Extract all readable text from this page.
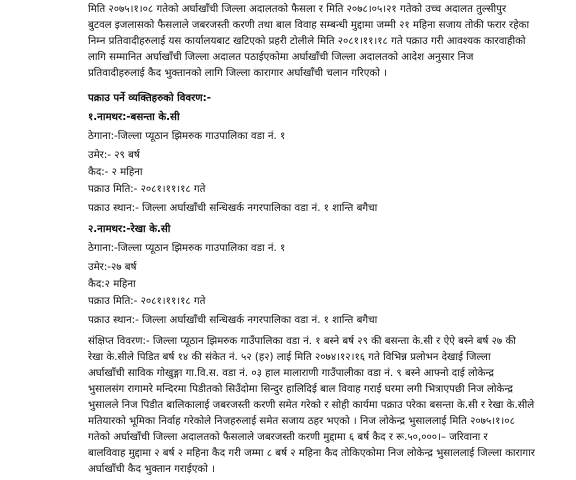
मिति २०७५।१।०८ गतेको अर्घाखाँची जिल्ला अदालतको फैसला र मिति २०७८।०५।२१ गतेको उच्च अदालत तुल्सीपुर
बुटवल इजलासको फैसलाले जबरजस्ती करणी तथा बाल विवाह सम्बन्धी मुद्दामा जम्मी २१ महिना सजाय तोकी फरार रहेका
निम्न प्रतिवादीहरुलाई यस कार्यालयबाट खटिएको प्रहरी टोलीले मिति २०८१।११।१८ गते पक्राउ गरी आवश्यक कारवाहीको
लागि सम्मानित अर्घाखाँची जिल्ला अदालत पठाईएकोमा अर्घाखाँची जिल्ला अदालतको आदेश अनुसार निज
प्रतिवादीहरुलाई कैद भुक्तानको लागि जिल्ला कारागार अर्घाखाँची चलान गरिएको ।
पक्राउ पर्ने व्यक्तिहरुको विवरण:-
१.नामथर:-बसन्ता के.सी
ठेगाना:-जिल्ला प्यूठान झिमरुक गाउपालिका वडा नं. १
उमेर:- २९ बर्ष
कैद:- २ महिना
पक्राउ मिति:- २०८१।११।१८ गते
पक्राउ स्थान:- जिल्ला अर्घाखाँची सन्धिखर्क नगरपालिका वडा नं. १ शान्ति बगैचा
२.नामथर:-रेखा के.सी
ठेगाना:-जिल्ला प्यूठान झिमरुक गाउपालिका वडा नं. १
उमेर:-२७ बर्ष
कैद:२ महिना
पक्राउ मिति:- २०८१।११।१८ गते
पक्राउ स्थान:- जिल्ला अर्घाखाँची सन्धिखर्क नगरपालिका वडा नं. १ शान्ति बगैचा
संक्षिप्त विवरण:- जिल्ला प्यूठान झिमरुक गाउँपालिका वडा नं. १ बस्ने बर्ष २९ की बसन्ता के.सी र ऐऐ बस्ने बर्ष २७ की
रेखा के.सीले पिडित बर्ष १४ की संकेत नं. ५२ (ह२) लाई मिति २०७४।१२।१६ गते विभिन्न प्रलोभन देखाई जिल्ला
अर्घाखाँची साविक गोखुङ्गा गा.वि.स. वडा नं. ०३ हाल मालाराणी गाउँपालीका वडा नं. ९ बस्ने आफ्नो दाई लोकेन्द्र
भुसालसंग रागामरे मन्दिरमा पिडीतको सिउँदोमा सिन्दुर हालिदिई बाल विवाह गराई घरमा लगी भित्राएपछी निज लोकेन्द्र
भुसालले निज पिडीत बालिकालाई जबरजस्ती करणी समेत गरेको र सोही कार्यमा पक्राउ परेका बसन्ता के.सी र रेखा के.सीले
मतियारको भूमिका निर्वाह गरेकोले निजहरुलाई समेत सजाय ठहर भएको । निज लोकेन्द्र भुसाललाई मिति २०७५।१।०८
गतेको अर्घाखाँची जिल्ला अदालतको फैसलाले जबरजस्ती करणी मुद्दामा ६ बर्ष कैद र रू.५०,०००।– जरिवाना र
बालविवाह मुद्दामा २ बर्ष २ महिना कैद गरी जम्मा ८ बर्ष २ महिना कैद तोकिएकोमा निज लोकेन्द्र भुसाललाई जिल्ला कारागार
अर्घाखाँची कैद भुक्तान गराईएको ।
